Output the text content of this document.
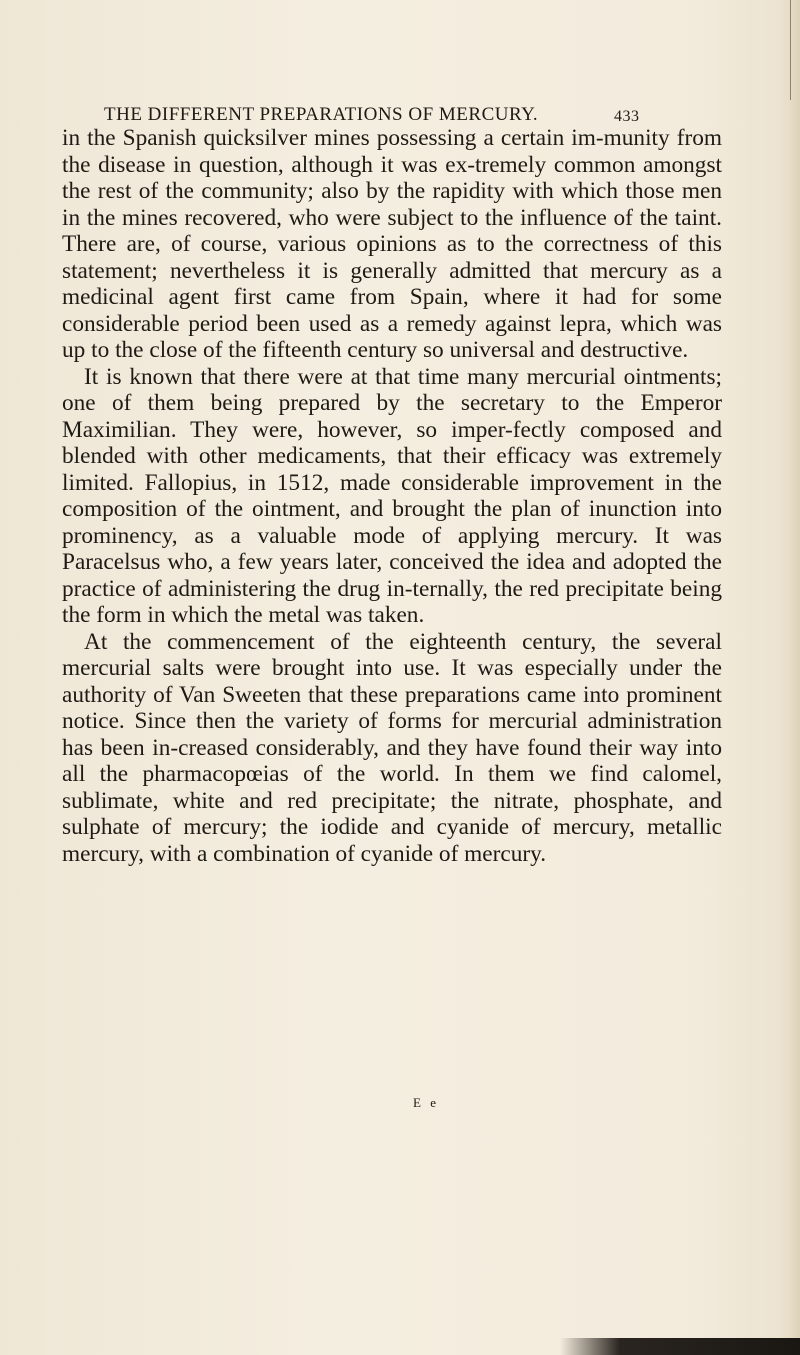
THE DIFFERENT PREPARATIONS OF MERCURY.	433

in the Spanish quicksilver mines possessing a certain im-munity from the disease in question, although it was ex-tremely common amongst the rest of the community; also by the rapidity with which those men in the mines recovered, who were subject to the influence of the taint. There are, of course, various opinions as to the correctness of this statement; nevertheless it is generally admitted that mercury as a medicinal agent first came from Spain, where it had for some considerable period been used as a remedy against lepra, which was up to the close of the fifteenth century so universal and destructive.

It is known that there were at that time many mercurial ointments; one of them being prepared by the secretary to the Emperor Maximilian. They were, however, so imper-fectly composed and blended with other medicaments, that their efficacy was extremely limited. Fallopius, in 1512, made considerable improvement in the composition of the ointment, and brought the plan of inunction into prominency, as a valuable mode of applying mercury. It was Paracelsus who, a few years later, conceived the idea and adopted the practice of administering the drug in-ternally, the red precipitate being the form in which the metal was taken.

At the commencement of the eighteenth century, the several mercurial salts were brought into use. It was especially under the authority of Van Sweeten that these preparations came into prominent notice. Since then the variety of forms for mercurial administration has been in-creased considerably, and they have found their way into all the pharmacopœias of the world. In them we find calomel, sublimate, white and red precipitate; the nitrate, phosphate, and sulphate of mercury; the iodide and cyanide of mercury, metallic mercury, with a combination of cyanide of mercury.

E e
